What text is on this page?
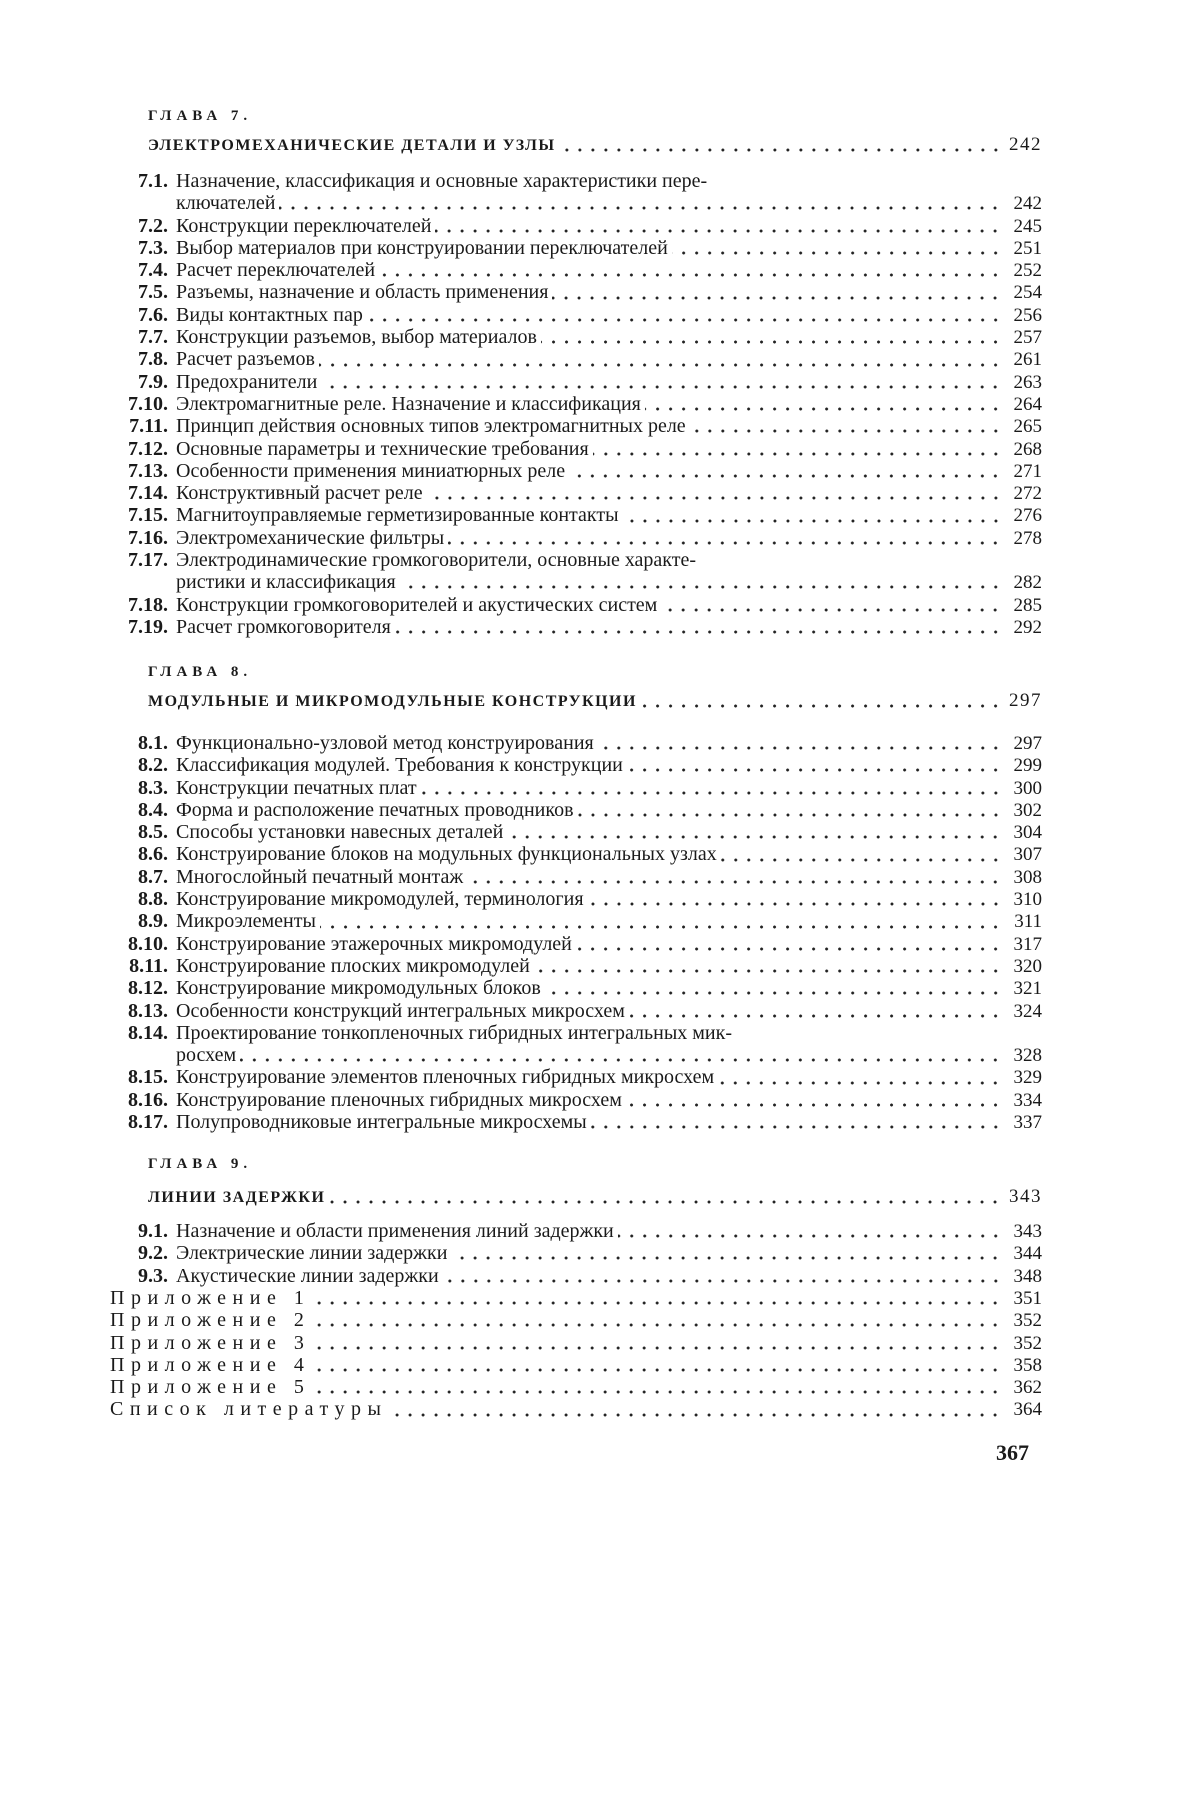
ГЛАВА 7.
ЭЛЕКТРОМЕХАНИЧЕСКИЕ ДЕТАЛИ И УЗЛЫ	242
7.1. Назначение, классификация и основные характеристики пере-
ключателей	242
7.2. Конструкции переключателей	245
7.3. Выбор материалов при конструировании переключателей	251
7.4. Расчет переключателей	252
7.5. Разъемы, назначение и область применения	254
7.6. Виды контактных пар	256
7.7. Конструкции разъемов, выбор материалов	257
7.8. Расчет разъемов	261
7.9. Предохранители	263
7.10. Электромагнитные реле. Назначение и классификация	264
7.11. Принцип действия основных типов электромагнитных реле	265
7.12. Основные параметры и технические требования	268
7.13. Особенности применения миниатюрных реле	271
7.14. Конструктивный расчет реле	272
7.15. Магнитоуправляемые герметизированные контакты	276
7.16. Электромеханические фильтры	278
7.17. Электродинамические громкоговорители, основные характе-
ристики и классификация	282
7.18. Конструкции громкоговорителей и акустических систем	285
7.19. Расчет громкоговорителя	292
ГЛАВА 8.
МОДУЛЬНЫЕ И МИКРОМОДУЛЬНЫЕ КОНСТРУКЦИИ	297
8.1. Функционально-узловой метод конструирования	297
8.2. Классификация модулей. Требования к конструкции	299
8.3. Конструкции печатных плат	300
8.4. Форма и расположение печатных проводников	302
8.5. Способы установки навесных деталей	304
8.6. Конструирование блоков на модульных функциональных узлах	307
8.7. Многослойный печатный монтаж	308
8.8. Конструирование микромодулей, терминология	310
8.9. Микроэлементы	311
8.10. Конструирование этажерочных микромодулей	317
8.11. Конструирование плоских микромодулей	320
8.12. Конструирование микромодульных блоков	321
8.13. Особенности конструкций интегральных микросхем	324
8.14. Проектирование тонкопленочных гибридных интегральных мик-
росхем	328
8.15. Конструирование элементов пленочных гибридных микросхем	329
8.16. Конструирование пленочных гибридных микросхем	334
8.17. Полупроводниковые интегральные микросхемы	337
ГЛАВА 9.
ЛИНИИ ЗАДЕРЖКИ	343
9.1. Назначение и области применения линий задержки	343
9.2. Электрические линии задержки	344
9.3. Акустические линии задержки	348
Приложение 1	351
Приложение 2	352
Приложение 3	352
Приложение 4	358
Приложение 5	362
Список литературы	364
367
